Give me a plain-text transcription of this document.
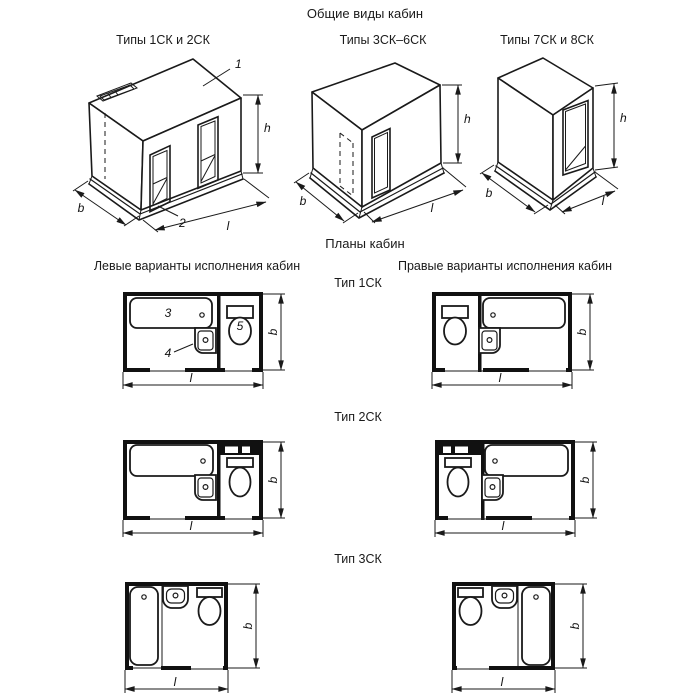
Общие виды кабин
Типы 1СК и 2СК	Типы 3СК–6СК	Типы 7СК и 8СК
h
b
l
1
2
h
b	l
h
b
l
Планы кабин
Левые варианты исполнения кабин	Правые варианты исполнения кабин
Тип 1СК
Тип 2СК
Тип 3СК
3
4
5
l
b
l
b
l
b
l
b
l
b
l
b
